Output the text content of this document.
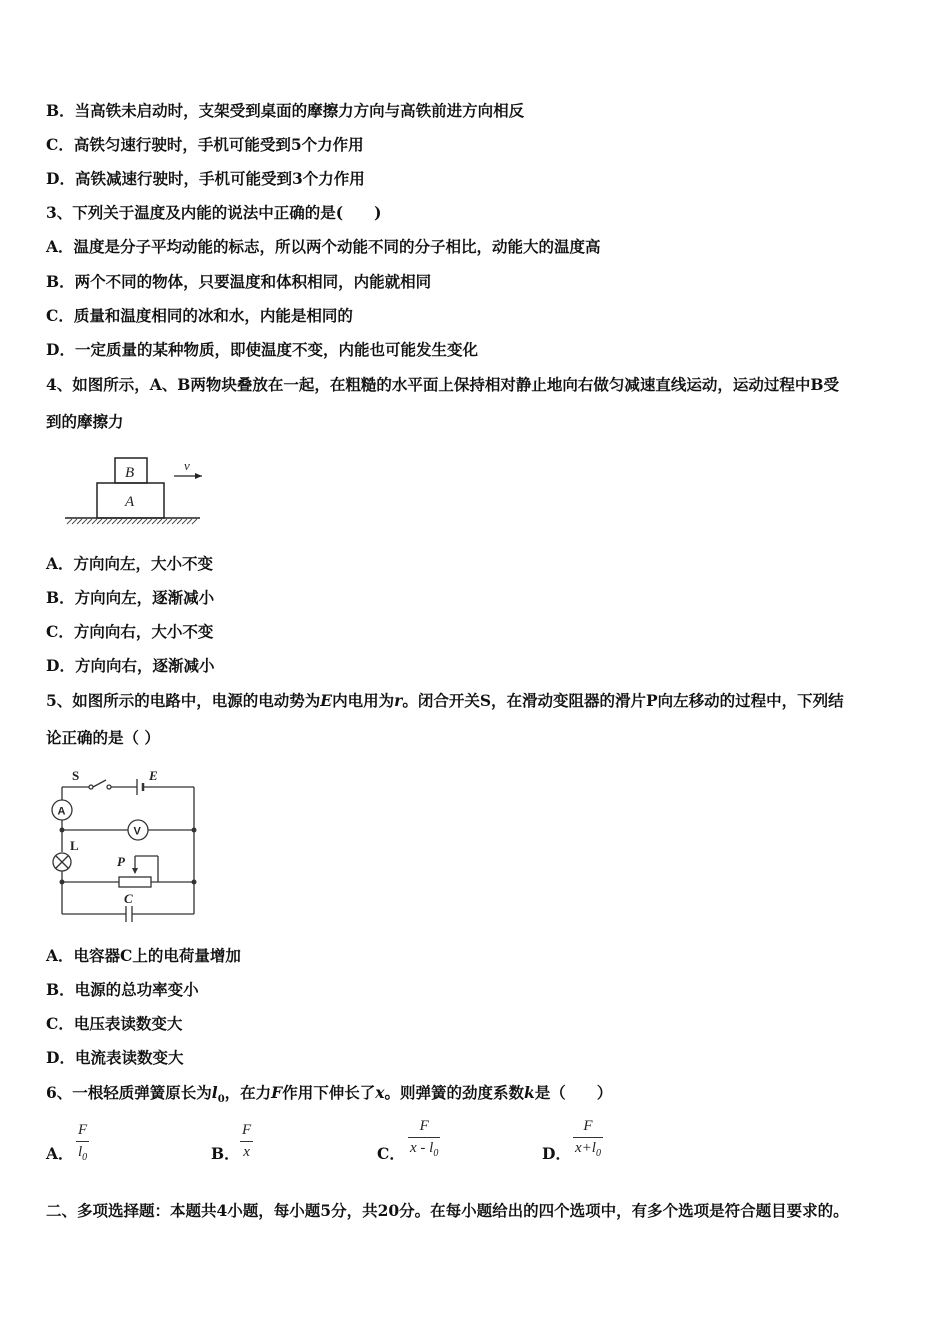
B．当高铁未启动时，支架受到桌面的摩擦力方向与高铁前进方向相反
C．高铁匀速行驶时，手机可能受到5个力作用
D．高铁减速行驶时，手机可能受到3个力作用
3、下列关于温度及内能的说法中正确的是(　　)
A．温度是分子平均动能的标志，所以两个动能不同的分子相比，动能大的温度高
B．两个不同的物体，只要温度和体积相同，内能就相同
C．质量和温度相同的冰和水，内能是相同的
D．一定质量的某种物质，即使温度不变，内能也可能发生变化
4、如图所示，A、B两物块叠放在一起，在粗糙的水平面上保持相对静止地向右做匀减速直线运动，运动过程中B受
到的摩擦力
B
A
v
A．方向向左，大小不变
B．方向向左，逐渐减小
C．方向向右，大小不变
D．方向向右，逐渐减小
5、如图所示的电路中，电源的电动势为E内电用为r。闭合开关S，在滑动变阻器的滑片P向左移动的过程中，下列结
论正确的是（ ）
S	E
A
V
L
P
C
A．电容器C上的电荷量增加
B．电源的总功率变小
C．电压表读数变大
D．电流表读数变大
6、一根轻质弹簧原长为$l_0$，在力F作用下伸长了x。则弹簧的劲度系数k是（　　）
A．
F
$l_0$	B．
F
x	C．
F
x - $l_0$	D．
F
$x+l_0$
二、多项选择题：本题共4小题，每小题5分，共20分。在每小题给出的四个选项中，有多个选项是符合题目要求的。
